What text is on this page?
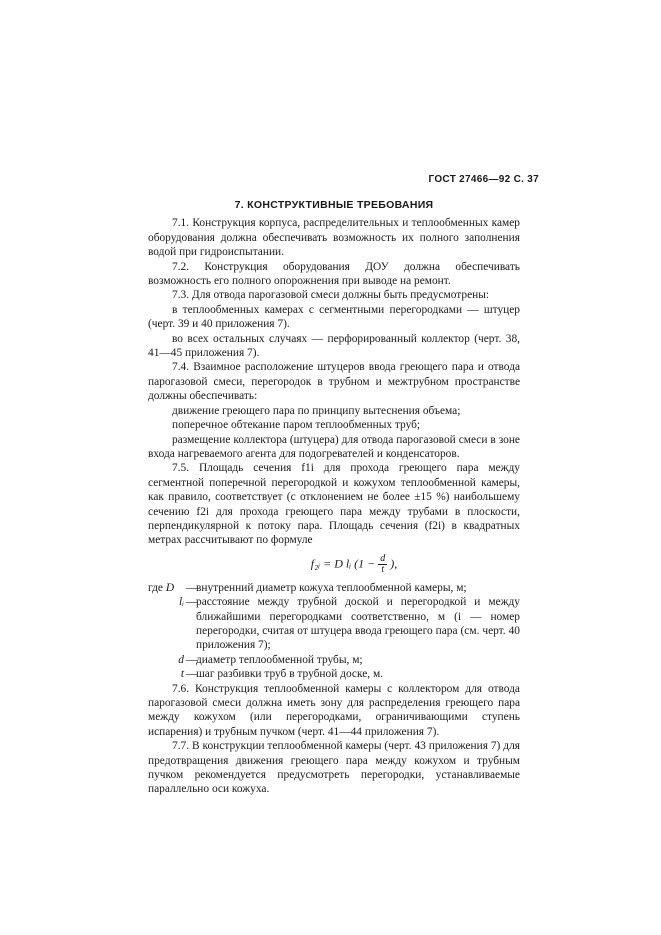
ГОСТ 27466—92 С. 37
7. КОНСТРУКТИВНЫЕ ТРЕБОВАНИЯ

7.1. Конструкция корпуса, распределительных и теплообменных камер оборудования должна обеспечивать возможность их полного заполнения водой при гидроиспытании.

7.2. Конструкция оборудования ДОУ должна обеспечивать возможность его полного опорожнения при выводе на ремонт.

7.3. Для отвода парогазовой смеси должны быть предусмотрены:

в теплообменных камерах с сегментными перегородками — штуцер (черт. 39 и 40 приложения 7).

во всех остальных случаях — перфорированный коллектор (черт. 38, 41—45 приложения 7).

7.4. Взаимное расположение штуцеров ввода греющего пара и отвода парогазовой смеси, перегородок в трубном и межтрубном пространстве должны обеспечивать:

движение греющего пара по принципу вытеснения объема;

поперечное обтекание паром теплообменных труб;

размещение коллектора (штуцера) для отвода парогазовой смеси в зоне входа нагреваемого агента для подогревателей и конденсаторов.

7.5. Площадь сечения f1i для прохода греющего пара между сегментной поперечной перегородкой и кожухом теплообменной камеры, как правило, соответствует (с отклонением не более ±15 %) наибольшему сечению f2i для прохода греющего пара между трубами в плоскости, перпендикулярной к потоку пара. Площадь сечения (f2i) в квадратных метрах рассчитывают по формуле

f₂ᵢ = D lᵢ ($1 - \frac{d}{t}$ ),
где D	—
внутренний диаметр кожуха теплообменной камеры, м;
lᵢ —
расстояние между трубной доской и перегородкой и между ближайшими перегородками соответственно, м (i — номер перегородки, считая от штуцера ввода греющего пара (см. черт. 40 приложения 7);
d —
диаметр теплообменной трубы, м;
t —
шаг разбивки труб в трубной доске, м.

7.6. Конструкция теплообменной камеры с коллектором для отвода парогазовой смеси должна иметь зону для распределения греющего пара между кожухом (или перегородками, ограничивающими ступень испарения) и трубным пучком (черт. 41—44 приложения 7).

7.7. В конструкции теплообменной камеры (черт. 43 приложения 7) для предотвращения движения греющего пара между кожухом и трубным пучком рекомендуется предусмотреть перегородки, устанавливаемые параллельно оси кожуха.
